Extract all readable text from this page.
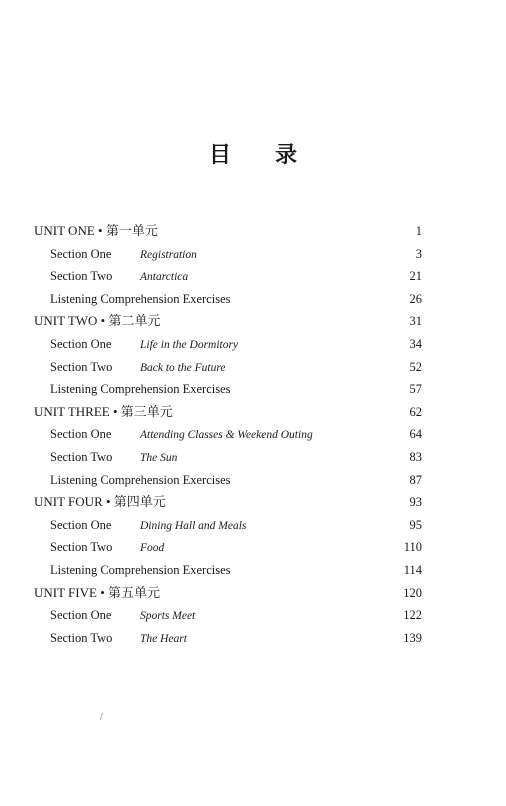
目 录
UNIT ONE • 第一单元	1
Section One Registration	3
Section Two Antarctica	21
Listening Comprehension Exercises	26
UNIT TWO • 第二单元	31
Section One Life in the Dormitory	34
Section Two Back to the Future	52
Listening Comprehension Exercises	57
UNIT THREE • 第三单元	62
Section One Attending Classes & Weekend Outing	64
Section Two The Sun	83
Listening Comprehension Exercises	87
UNIT FOUR • 第四单元	93
Section One Dining Hall and Meals	95
Section Two Food	110
Listening Comprehension Exercises	114
UNIT FIVE • 第五单元	120
Section One Sports Meet	122
Section Two The Heart	139
/
